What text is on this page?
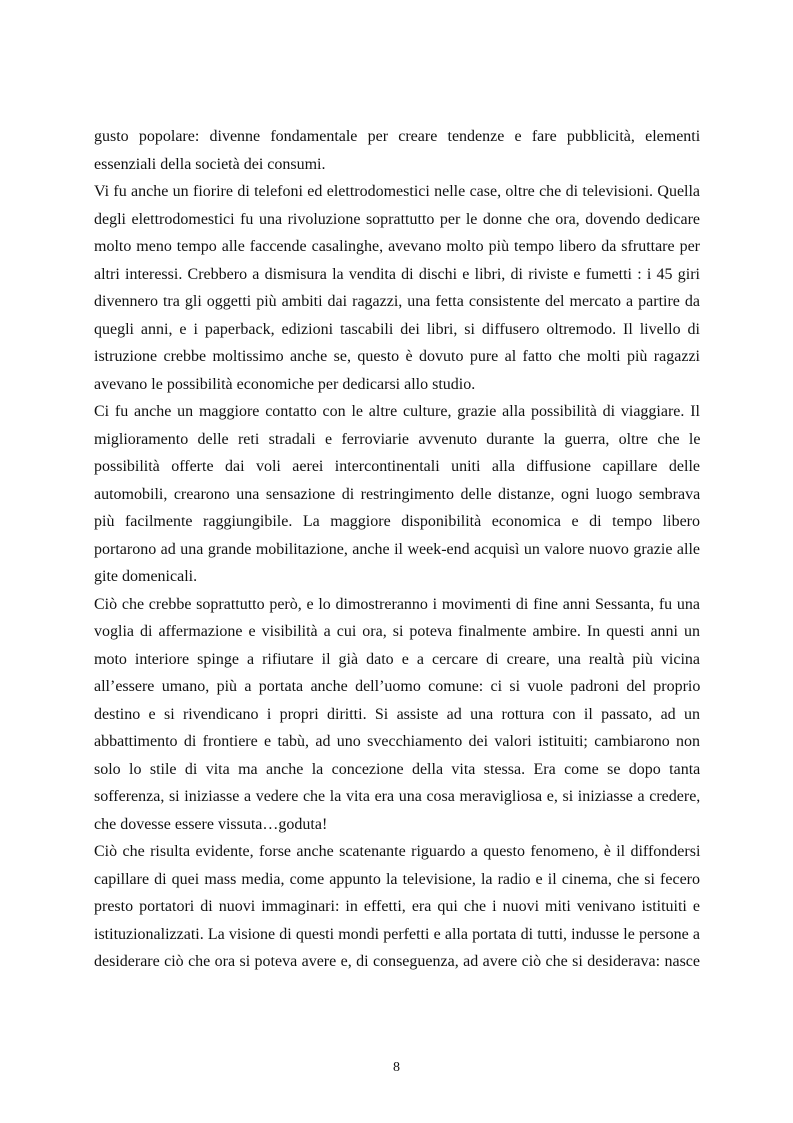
gusto popolare: divenne fondamentale per creare tendenze e fare pubblicità, elementi
essenziali della società dei consumi.
Vi fu anche un fiorire di telefoni ed elettrodomestici nelle case, oltre che di televisioni. Quella
degli elettrodomestici fu una rivoluzione soprattutto per le donne che ora, dovendo dedicare
molto meno tempo alle faccende casalinghe, avevano molto più tempo libero da sfruttare per
altri interessi. Crebbero a dismisura la vendita di dischi e libri, di riviste e fumetti : i 45 giri
divennero tra gli oggetti più ambiti dai ragazzi, una fetta consistente del mercato a partire da
quegli anni, e i paperback, edizioni tascabili dei libri, si diffusero oltremodo. Il livello di
istruzione crebbe moltissimo anche se, questo è dovuto pure al fatto che molti più ragazzi
avevano le possibilità economiche per dedicarsi allo studio.
Ci fu anche un maggiore contatto con le altre culture, grazie alla possibilità di viaggiare. Il
miglioramento delle reti stradali e ferroviarie avvenuto durante la guerra, oltre che le
possibilità offerte dai voli aerei intercontinentali uniti alla diffusione capillare delle
automobili, crearono una sensazione di restringimento delle distanze, ogni luogo sembrava
più facilmente raggiungibile. La maggiore disponibilità economica e di tempo libero
portarono ad una grande mobilitazione, anche il week-end acquisì un valore nuovo grazie alle
gite domenicali.
Ciò che crebbe soprattutto però, e lo dimostreranno i movimenti di fine anni Sessanta, fu una
voglia di affermazione e visibilità a cui ora, si poteva finalmente ambire. In questi anni un
moto interiore spinge a rifiutare il già dato e a cercare di creare, una realtà più vicina
all’essere umano, più a portata anche dell’uomo comune: ci si vuole padroni del proprio
destino e si rivendicano i propri diritti. Si assiste ad una rottura con il passato, ad un
abbattimento di frontiere e tabù, ad uno svecchiamento dei valori istituiti; cambiarono non
solo lo stile di vita ma anche la concezione della vita stessa. Era come se dopo tanta
sofferenza, si iniziasse a vedere che la vita era una cosa meravigliosa e, si iniziasse a credere,
che dovesse essere vissuta…goduta!
Ciò che risulta evidente, forse anche scatenante riguardo a questo fenomeno, è il diffondersi
capillare di quei mass media, come appunto la televisione, la radio e il cinema, che si fecero
presto portatori di nuovi immaginari: in effetti, era qui che i nuovi miti venivano istituiti e
istituzionalizzati. La visione di questi mondi perfetti e alla portata di tutti, indusse le persone a
desiderare ciò che ora si poteva avere e, di conseguenza, ad avere ciò che si desiderava: nasce
8
